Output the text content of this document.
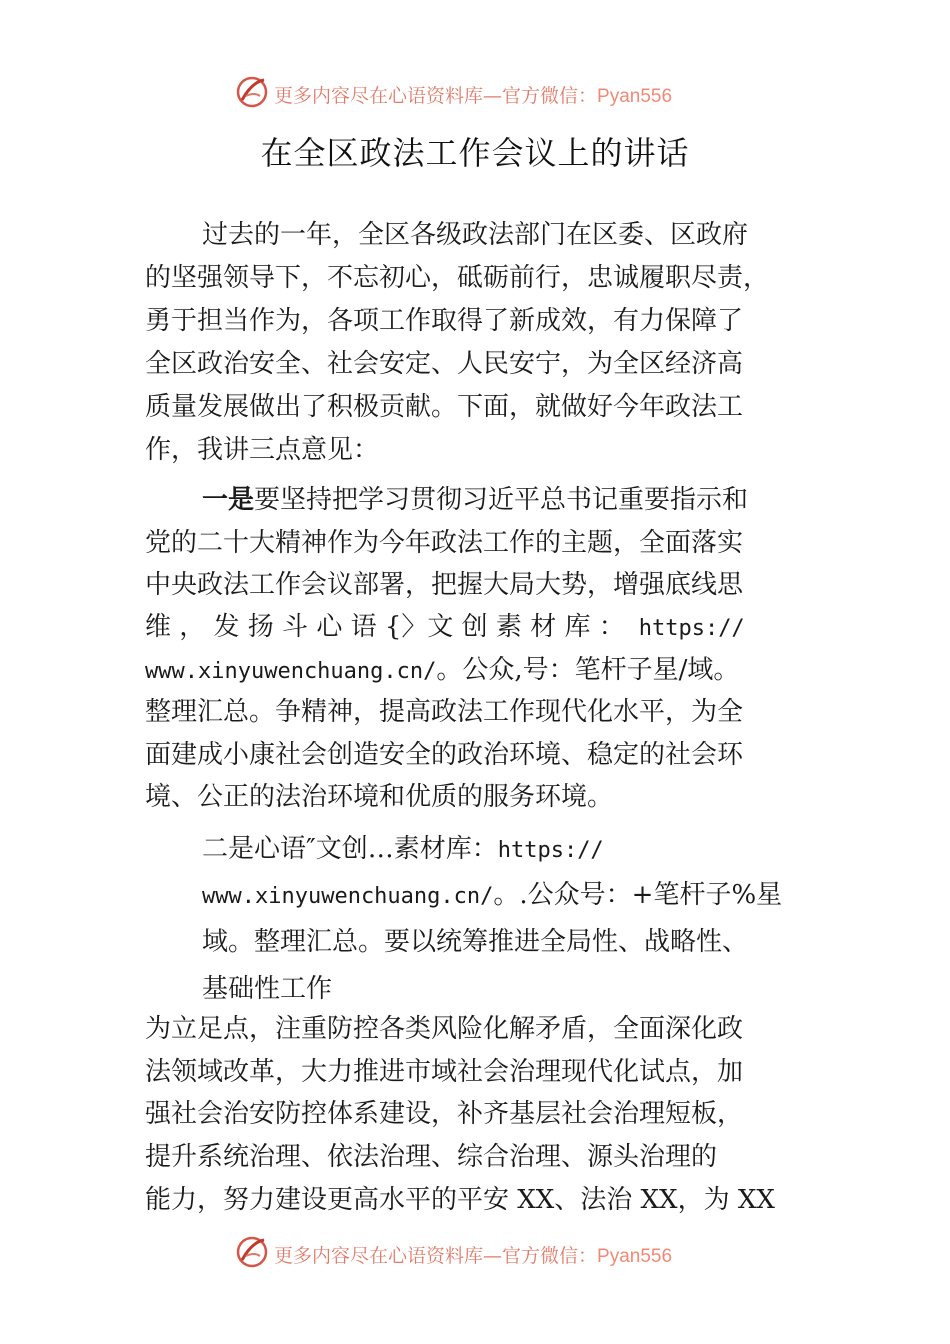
更多内容尽在心语资料库—官方微信：Pyan556
在全区政法工作会议上的讲话
过去的一年，全区各级政法部门在区委、区政府
的坚强领导下，不忘初心，砥砺前行，忠诚履职尽责，
勇于担当作为，各项工作取得了新成效，有力保障了
全区政治安全、社会安定、人民安宁，为全区经济高
质量发展做出了积极贡献。下面，就做好今年政法工
作，我讲三点意见：
一是要坚持把学习贯彻习近平总书记重要指示和
党的二十大精神作为今年政法工作的主题，全面落实
中央政法工作会议部署，把握大局大势，增强底线思
维 ， 发 扬 斗 心 语 {〉文 创 素 材 库 ： https://
www.xinyuwenchuang.cn/。公众,号：笔杆子星/域。
整理汇总。争精神，提高政法工作现代化水平，为全
面建成小康社会创造安全的政治环境、稳定的社会环
境、公正的法治环境和优质的服务环境。
二是心语″文创…素材库：https://
www.xinyuwenchuang.cn/。.公众号：+笔杆子%星
域。整理汇总。要以统筹推进全局性、战略性、
基础性工作
为立足点，注重防控各类风险化解矛盾，全面深化政
法领域改革，大力推进市域社会治理现代化试点，加
强社会治安防控体系建设，补齐基层社会治理短板，
提升系统治理、依法治理、综合治理、源头治理的
能力，努力建设更高水平的平安 XX、法治 XX，为 XX
更多内容尽在心语资料库—官方微信：Pyan556
